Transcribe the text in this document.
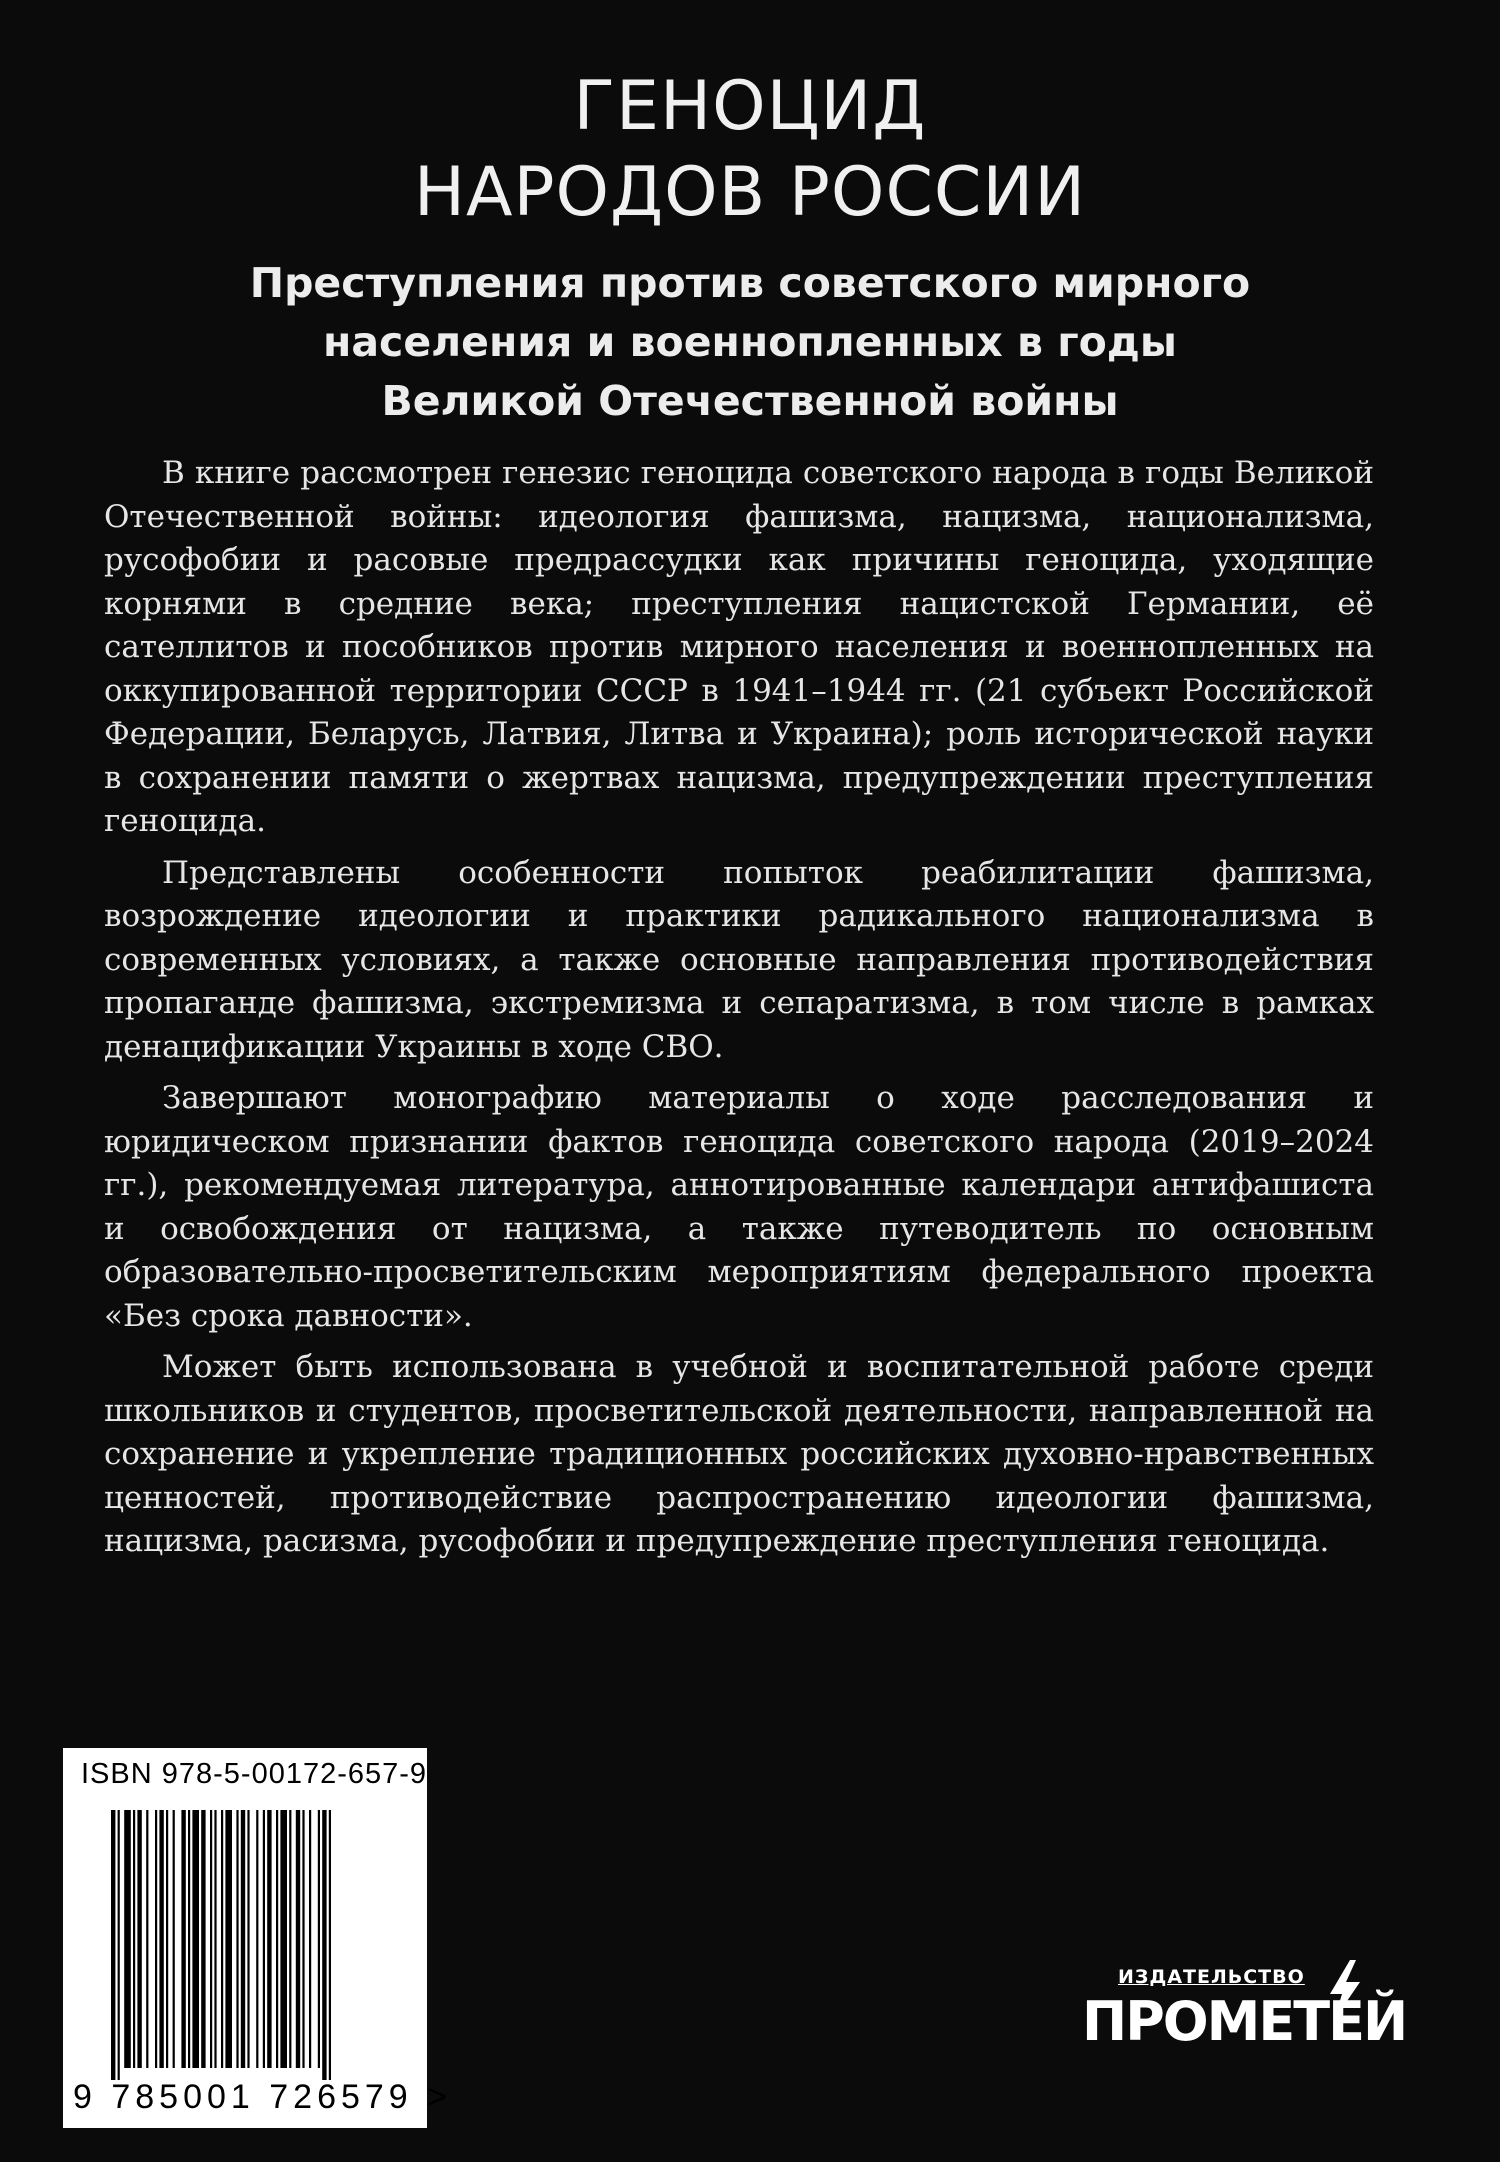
ГЕНОЦИД
НАРОДОВ РОССИИ
Преступления против советского мирного
населения и военнопленных в годы
Великой Отечественной войны

В книге рассмотрен генезис геноцида советского народа в годы Великой Отечественной войны: идеология фашизма, нацизма, национализма, русофобии и расовые предрассудки как причины геноцида, уходящие корнями в средние века; преступления нацистской Германии, её сателлитов и пособников против мирного населения и военнопленных на оккупированной территории СССР в 1941–1944 гг. (21 субъект Российской Федерации, Беларусь, Латвия, Литва и Украина); роль исторической науки в сохранении памяти о жертвах нацизма, предупреждении преступления геноцида.

Представлены особенности попыток реабилитации фашизма, возрождение идеологии и практики радикального национализма в современных условиях, а также основные направления противодействия пропаганде фашизма, экстремизма и сепаратизма, в том числе в рамках денацификации Украины в ходе СВО.

Завершают монографию материалы о ходе расследования и юридическом признании фактов геноцида советского народа (2019–2024 гг.), рекомендуемая литература, аннотированные календари антифашиста и освобождения от нацизма, а также путеводитель по основным образовательно-просветительским мероприятиям федерального проекта «Без срока давности».

Может быть использована в учебной и воспитательной работе среди школьников и студентов, просветительской деятельности, направленной на сохранение и укрепление традиционных российских духовно-нравственных ценностей, противодействие распространению идеологии фашизма, нацизма, расизма, русофобии и предупреждение преступления геноцида.

ISBN 978-5-00172-657-9
9 785001 726579 >
ИЗДАТЕЛЬСТВО
ПРОМЕТЕЙ
